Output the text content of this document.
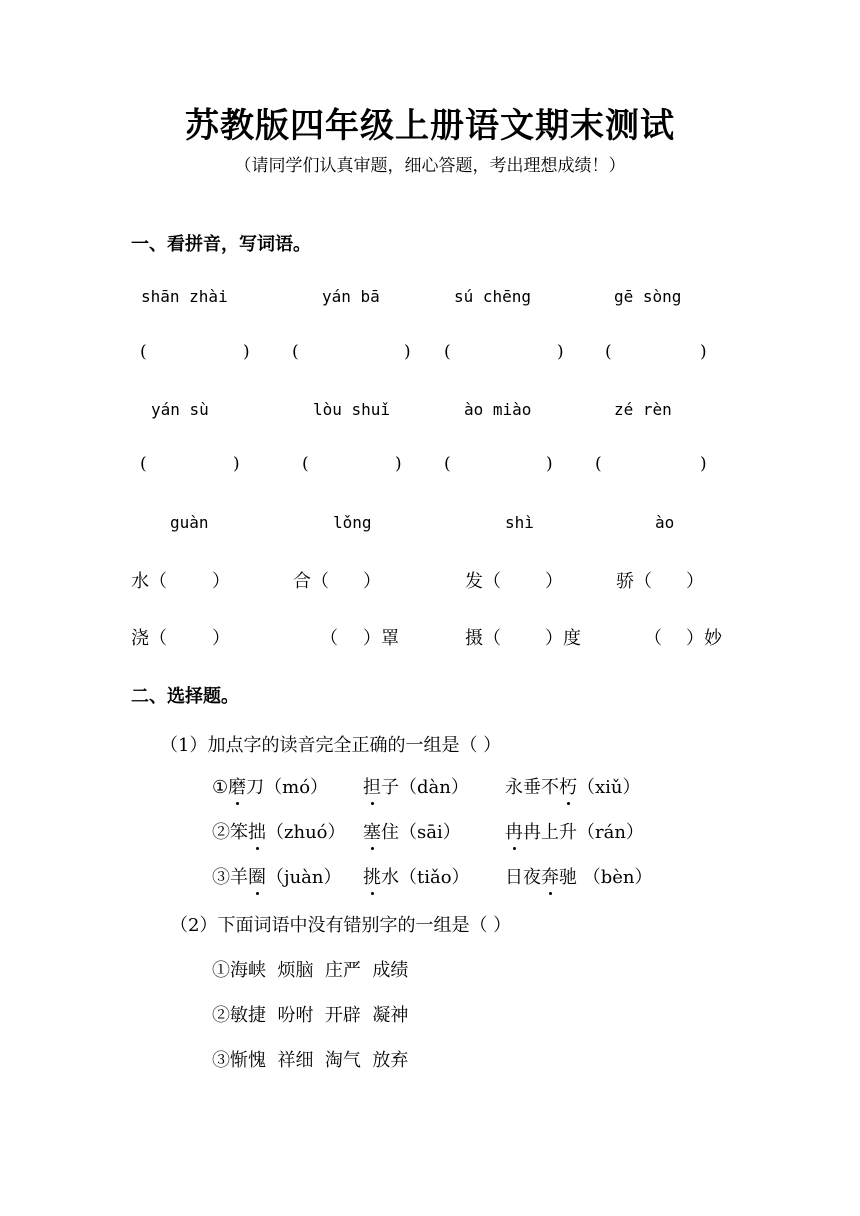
苏教版四年级上册语文期末测试
（请同学们认真审题，细心答题，考出理想成绩！）
一、看拼音，写词语。
shān zhài	yán bā	sú chēng	gē sòng
(	) (	) (	) (	)
yán sù	lòu shuǐ	ào miào	zé rèn
(	)	(	) (	) (	)
guàn	lǒng	shì	ào
水（	）	合（ ）	发（ ）	骄（ ）
浇（	）	（ ）罩	摄（ ）度	（ ）妙
二、选择题。
（1）加点字的读音完全正确的一组是（ ）
①磨刀（mó） 担子（dàn） 永垂不朽（xiǔ）
②笨拙（zhuó） 塞住（sāi） 冉冉上升（rán）
③羊圈（juàn） 挑水（tiǎo） 日夜奔驰 （bèn）
（2）下面词语中没有错别字的一组是（ ）
①海峡  烦脑  庄严  成绩
②敏捷  吩咐  开辟  凝神
③惭愧  祥细  淘气  放弃
